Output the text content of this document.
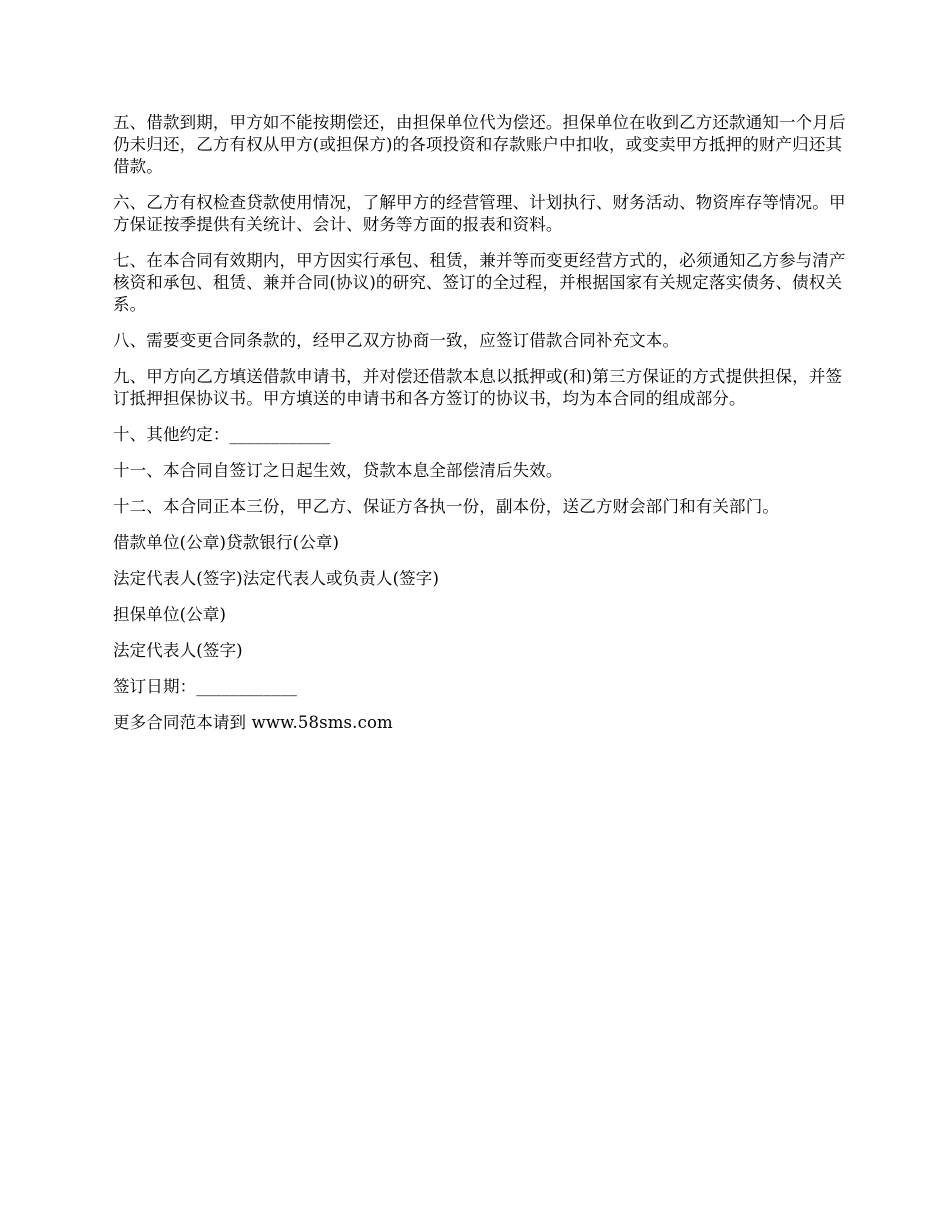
五、借款到期，甲方如不能按期偿还，由担保单位代为偿还。担保单位在收到乙方还款通知一个月后仍未归还，乙方有权从甲方(或担保方)的各项投资和存款账户中扣收，或变卖甲方抵押的财产归还其借款。

六、乙方有权检查贷款使用情况，了解甲方的经营管理、计划执行、财务活动、物资库存等情况。甲方保证按季提供有关统计、会计、财务等方面的报表和资料。

七、在本合同有效期内，甲方因实行承包、租赁，兼并等而变更经营方式的，必须通知乙方参与清产核资和承包、租赁、兼并合同(协议)的研究、签订的全过程，并根据国家有关规定落实债务、债权关系。

八、需要变更合同条款的，经甲乙双方协商一致，应签订借款合同补充文本。

九、甲方向乙方填送借款申请书，并对偿还借款本息以抵押或(和)第三方保证的方式提供担保，并签订抵押担保协议书。甲方填送的申请书和各方签订的协议书，均为本合同的组成部分。

十、其他约定：____________

十一、本合同自签订之日起生效，贷款本息全部偿清后失效。

十二、本合同正本三份，甲乙方、保证方各执一份，副本份，送乙方财会部门和有关部门。

借款单位(公章)贷款银行(公章)

法定代表人(签字)法定代表人或负责人(签字)

担保单位(公章)

法定代表人(签字)

签订日期：____________

更多合同范本请到 www.58sms.com
